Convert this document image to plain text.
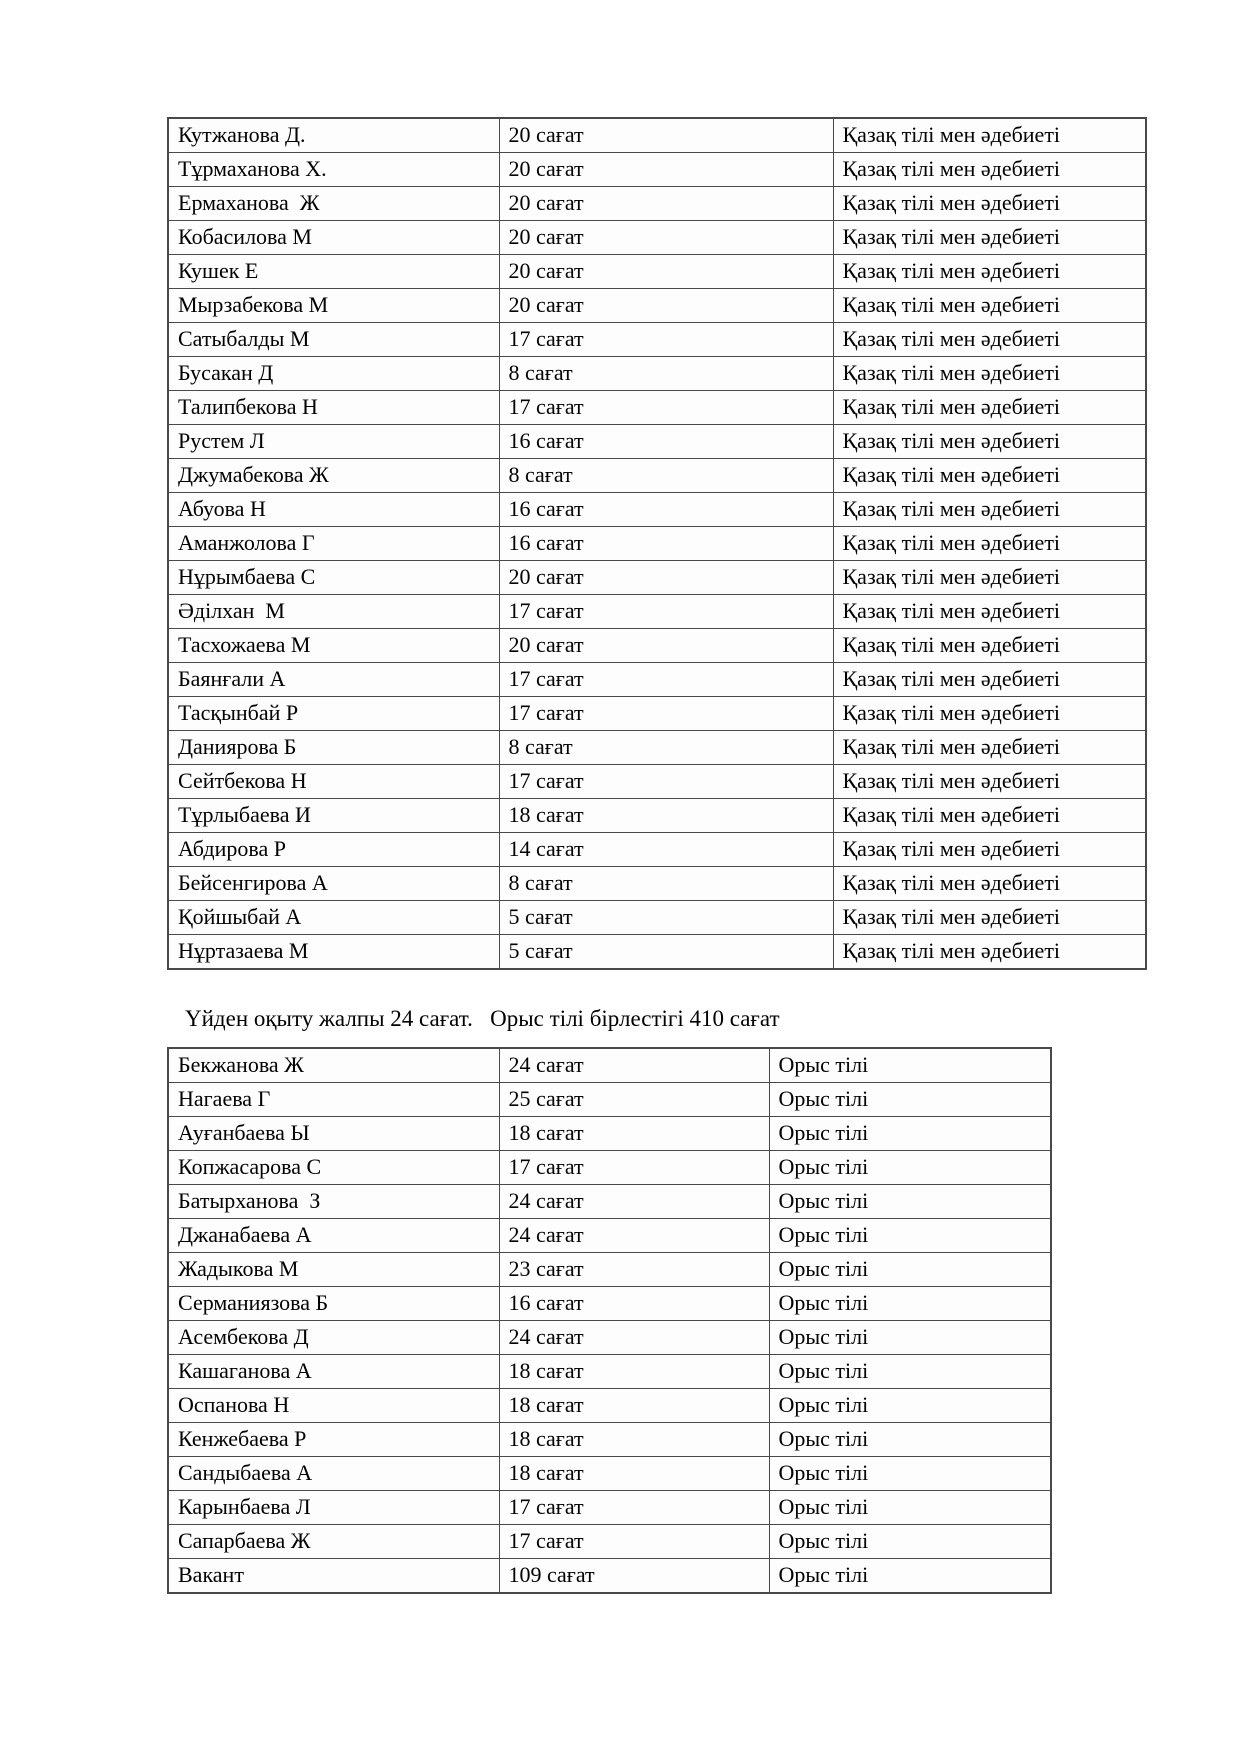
Кутжанова Д.	20 сағат	Қазақ тілі мен әдебиеті
Тұрмаханова Х.	20 сағат	Қазақ тілі мен әдебиеті
Ермаханова  Ж	20 сағат	Қазақ тілі мен әдебиеті
Кобасилова М	20 сағат	Қазақ тілі мен әдебиеті
Кушек Е	20 сағат	Қазақ тілі мен әдебиеті
Мырзабекова М	20 сағат	Қазақ тілі мен әдебиеті
Сатыбалды М	17 сағат	Қазақ тілі мен әдебиеті
Бусакан Д	8 сағат	Қазақ тілі мен әдебиеті
Талипбекова Н	17 сағат	Қазақ тілі мен әдебиеті
Рустем Л	16 сағат	Қазақ тілі мен әдебиеті
Джумабекова Ж	8 сағат	Қазақ тілі мен әдебиеті
Абуова Н	16 сағат	Қазақ тілі мен әдебиеті
Аманжолова Г	16 сағат	Қазақ тілі мен әдебиеті
Нұрымбаева С	20 сағат	Қазақ тілі мен әдебиеті
Әділхан  М	17 сағат	Қазақ тілі мен әдебиеті
Тасхожаева М	20 сағат	Қазақ тілі мен әдебиеті
Баянғали А	17 сағат	Қазақ тілі мен әдебиеті
Тасқынбай Р	17 сағат	Қазақ тілі мен әдебиеті
Даниярова Б	8 сағат	Қазақ тілі мен әдебиеті
Сейтбекова Н	17 сағат	Қазақ тілі мен әдебиеті
Тұрлыбаева И	18 сағат	Қазақ тілі мен әдебиеті
Абдирова Р	14 сағат	Қазақ тілі мен әдебиеті
Бейсенгирова А	8 сағат	Қазақ тілі мен әдебиеті
Қойшыбай А	5 сағат	Қазақ тілі мен әдебиеті
Нұртазаева М	5 сағат	Қазақ тілі мен әдебиеті
Үйден оқыту жалпы 24 сағат.   Орыс тілі бірлестігі 410 сағат
Бекжанова Ж	24 сағат	Орыс тілі
Нагаева Г	25 сағат	Орыс тілі
Ауғанбаева Ы	18 сағат	Орыс тілі
Копжасарова С	17 сағат	Орыс тілі
Батырханова  З	24 сағат	Орыс тілі
Джанабаева А	24 сағат	Орыс тілі
Жадыкова М	23 сағат	Орыс тілі
Серманиязова Б	16 сағат	Орыс тілі
Асембекова Д	24 сағат	Орыс тілі
Кашаганова А	18 сағат	Орыс тілі
Оспанова Н	18 сағат	Орыс тілі
Кенжебаева Р	18 сағат	Орыс тілі
Сандыбаева А	18 сағат	Орыс тілі
Карынбаева Л	17 сағат	Орыс тілі
Сапарбаева Ж	17 сағат	Орыс тілі
Вакант	109 сағат	Орыс тілі
